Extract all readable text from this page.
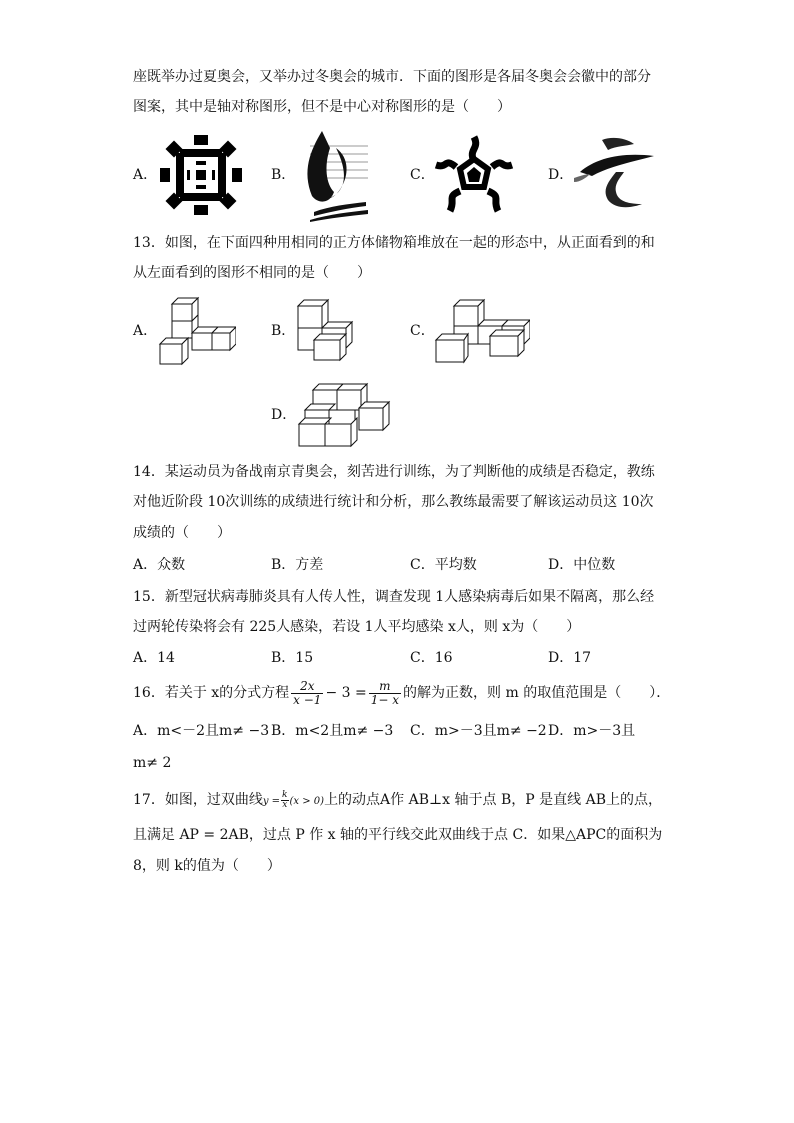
座既举办过夏奥会，又举办过冬奥会的城市．下面的图形是各届冬奥会会徽中的部分
图案，其中是轴对称图形，但不是中心对称图形的是（　　）
A．	B．	C．	D．
13．如图，在下面四种用相同的正方体储物箱堆放在一起的形态中，从正面看到的和
从左面看到的图形不相同的是（　　）
A．	B．	C．
D．
14．某运动员为备战南京青奥会，刻苦进行训练，为了判断他的成绩是否稳定，教练
对他近阶段 10次训练的成绩进行统计和分析，那么教练最需要了解该运动员这 10次
成绩的（　　）
A．众数	B．方差	C．平均数	D．中位数
15．新型冠状病毒肺炎具有人传人性，调查发现 1人感染病毒后如果不隔离，那么经
过两轮传染将会有 225人感染，若设 1人平均感染 x人，则 x为（　　）
A．14	B．15	C．16	D．17
16．若关于 x的分式方程 $\frac{2x}{x -1} - 3 = \frac{m}{1- x}$ 的解为正数，则 m 的取值范围是（　　）．
A．m<－2且m≠ −3 B．m<2且m≠ −3 C．m>－3且m≠ −2 D．m>－3且
m≠ 2
17．如图，过双曲线$y = \frac{k}{x} (x > 0)$上的动点A作 AB⊥x 轴于点 B，P 是直线 AB上的点，
且满足 AP = 2AB，过点 P 作 x 轴的平行线交此双曲线于点 C．如果△APC的面积为
8，则 k的值为（　　）
